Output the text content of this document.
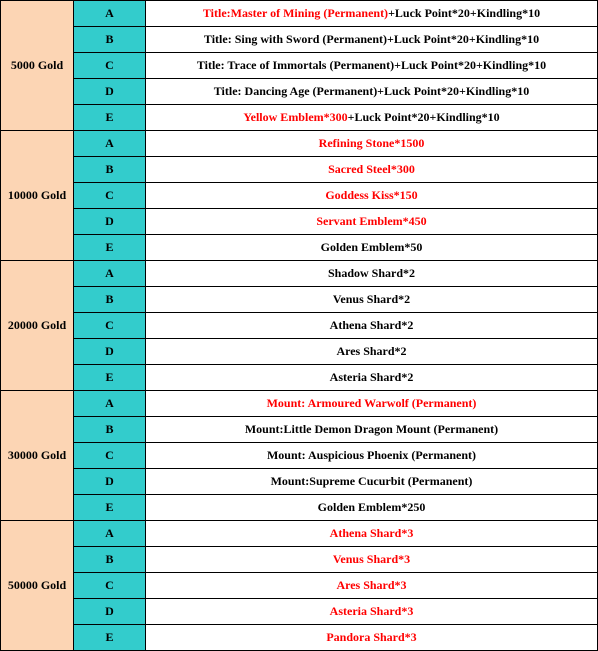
5000 Gold	A	Title:Master of Mining (Permanent)+Luck Point*20+Kindling*10
	B	Title: Sing with Sword (Permanent)+Luck Point*20+Kindling*10
	C	Title: Trace of Immortals (Permanent)+Luck Point*20+Kindling*10
	D	Title: Dancing Age (Permanent)+Luck Point*20+Kindling*10
	E	Yellow Emblem*300+Luck Point*20+Kindling*10
10000 Gold	A	Refining Stone*1500
	B	Sacred Steel*300
	C	Goddess Kiss*150
	D	Servant Emblem*450
	E	Golden Emblem*50
20000 Gold	A	Shadow Shard*2
	B	Venus Shard*2
	C	Athena Shard*2
	D	Ares Shard*2
	E	Asteria Shard*2
30000 Gold	A	Mount: Armoured Warwolf (Permanent)
	B	Mount:Little Demon Dragon Mount (Permanent)
	C	Mount: Auspicious Phoenix (Permanent)
	D	Mount:Supreme Cucurbit (Permanent)
	E	Golden Emblem*250
50000 Gold	A	Athena Shard*3
	B	Venus Shard*3
	C	Ares Shard*3
	D	Asteria Shard*3
	E	Pandora Shard*3
